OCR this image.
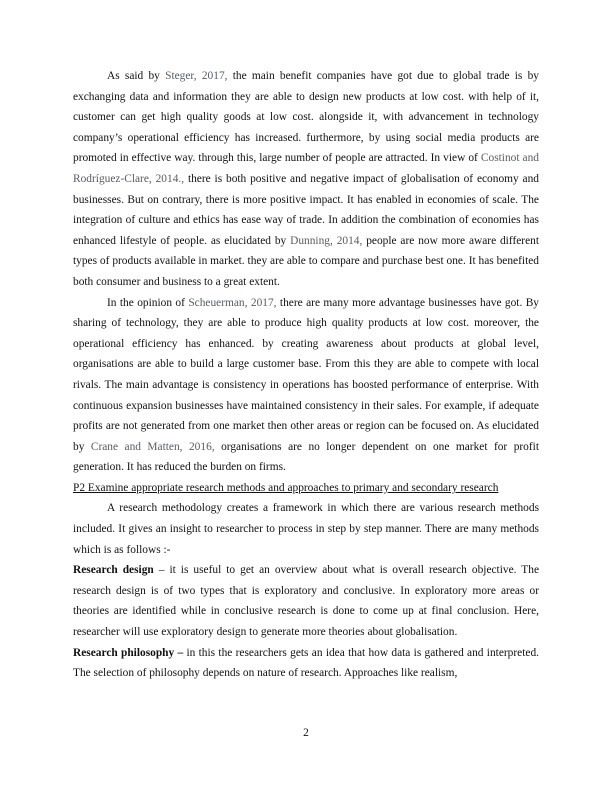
As said by Steger, 2017, the main benefit companies have got due to global trade is by exchanging data and information they are able to design new products at low cost. with help of it, customer can get high quality goods at low cost. alongside it, with advancement in technology company’s operational efficiency has increased. furthermore, by using social media products are promoted in effective way. through this, large number of people are attracted. In view of Costinot and Rodríguez-Clare, 2014., there is both positive and negative impact of globalisation of economy and businesses. But on contrary, there is more positive impact. It has enabled in economies of scale. The integration of culture and ethics has ease way of trade. In addition the combination of economies has enhanced lifestyle of people. as elucidated by Dunning, 2014, people are now more aware different types of products available in market. they are able to compare and purchase best one. It has benefited both consumer and business to a great extent.

In the opinion of Scheuerman, 2017, there are many more advantage businesses have got. By sharing of technology, they are able to produce high quality products at low cost. moreover, the operational efficiency has enhanced. by creating awareness about products at global level, organisations are able to build a large customer base. From this they are able to compete with local rivals. The main advantage is consistency in operations has boosted performance of enterprise. With continuous expansion businesses have maintained consistency in their sales. For example, if adequate profits are not generated from one market then other areas or region can be focused on. As elucidated by Crane and Matten, 2016, organisations are no longer dependent on one market for profit generation. It has reduced the burden on firms.

P2 Examine appropriate research methods and approaches to primary and secondary research

A research methodology creates a framework in which there are various research methods included. It gives an insight to researcher to process in step by step manner. There are many methods which is as follows :-

Research design – it is useful to get an overview about what is overall research objective. The research design is of two types that is exploratory and conclusive. In exploratory more areas or theories are identified while in conclusive research is done to come up at final conclusion. Here, researcher will use exploratory design to generate more theories about globalisation.

Research philosophy – in this the researchers gets an idea that how data is gathered and interpreted. The selection of philosophy depends on nature of research. Approaches like realism,

2
